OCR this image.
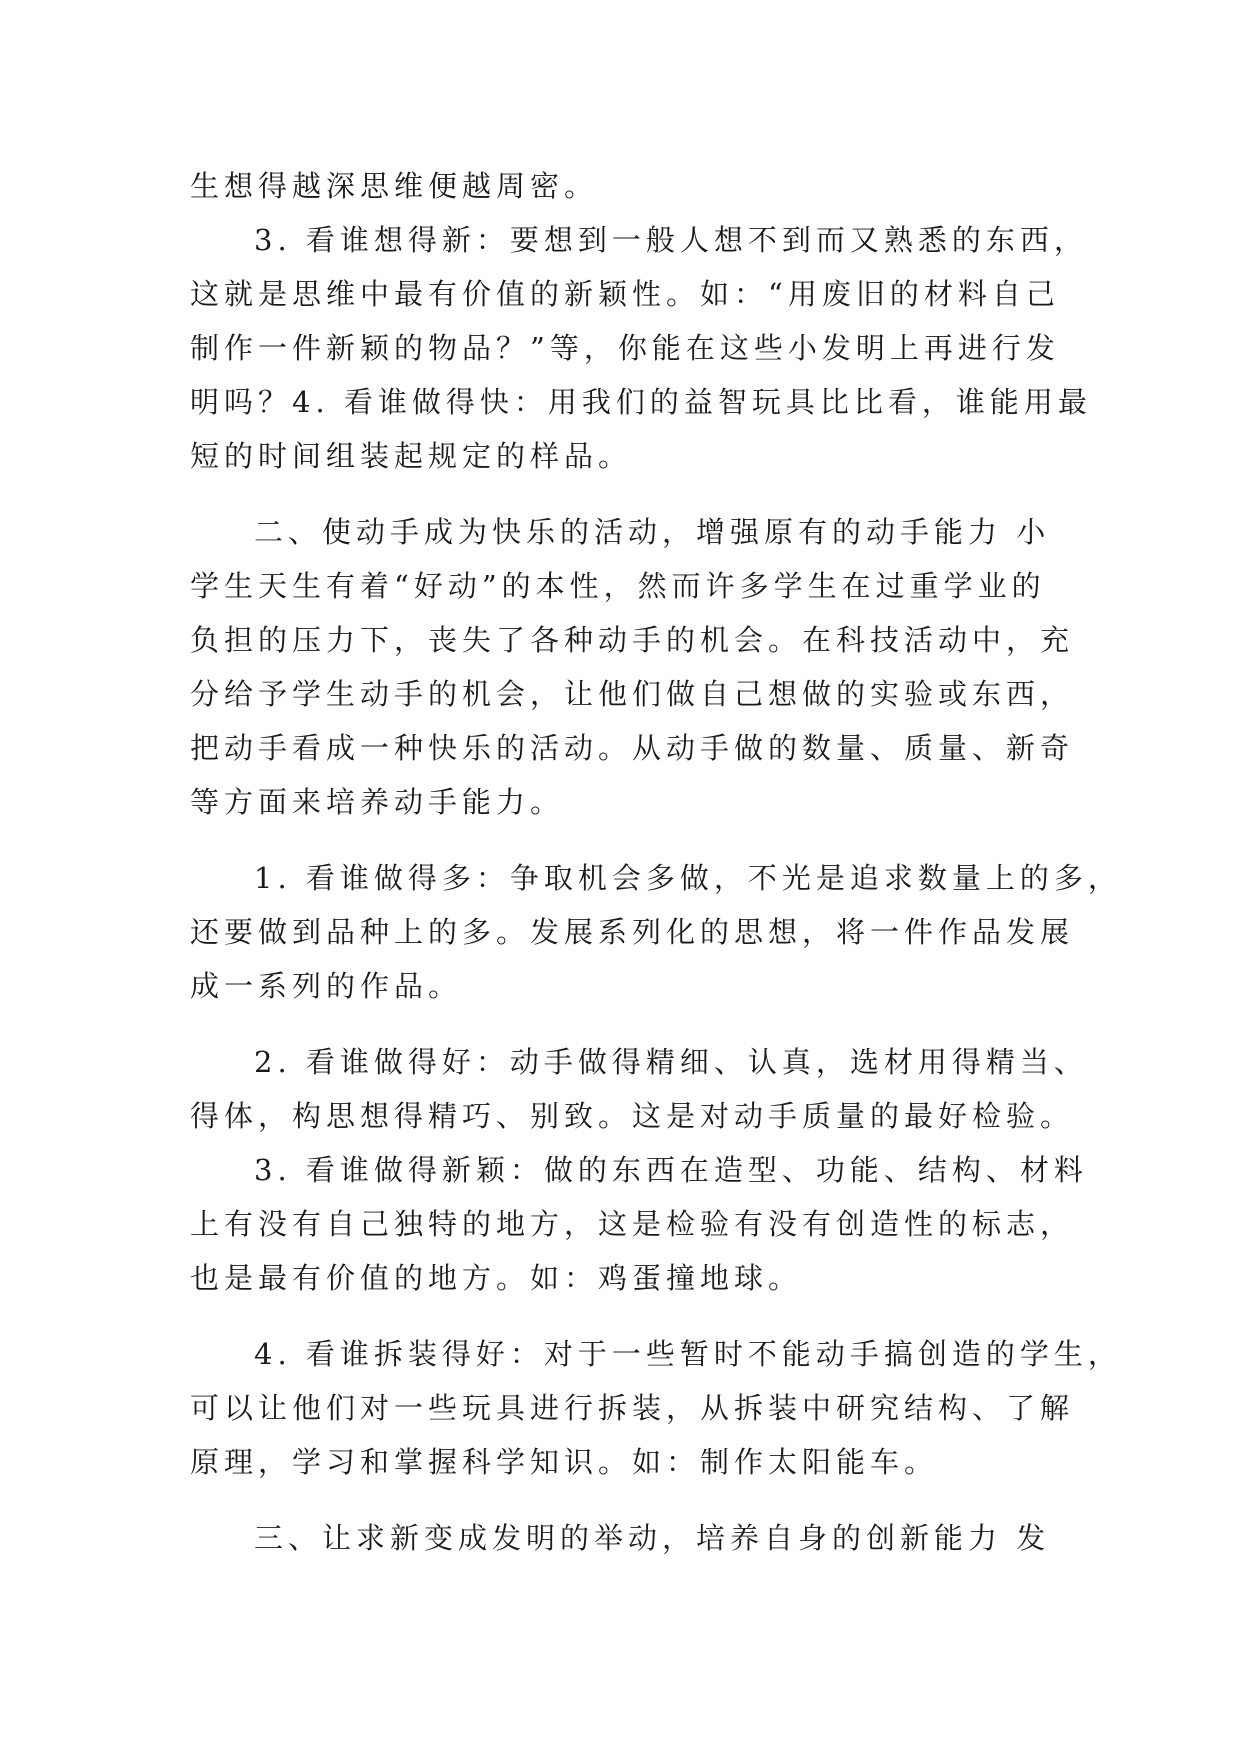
生想得越深思维便越周密。
3. 看谁想得新：要想到一般人想不到而又熟悉的东西，
这就是思维中最有价值的新颖性。如：“用废旧的材料自己
制作一件新颖的物品？”等，你能在这些小发明上再进行发
明吗？4. 看谁做得快：用我们的益智玩具比比看，谁能用最
短的时间组装起规定的样品。
二、使动手成为快乐的活动，增强原有的动手能力 小
学生天生有着“好动”的本性，然而许多学生在过重学业的
负担的压力下，丧失了各种动手的机会。在科技活动中，充
分给予学生动手的机会，让他们做自己想做的实验或东西，
把动手看成一种快乐的活动。从动手做的数量、质量、新奇
等方面来培养动手能力。
1. 看谁做得多：争取机会多做，不光是追求数量上的多，
还要做到品种上的多。发展系列化的思想，将一件作品发展
成一系列的作品。
2. 看谁做得好：动手做得精细、认真，选材用得精当、
得体，构思想得精巧、别致。这是对动手质量的最好检验。
3. 看谁做得新颖：做的东西在造型、功能、结构、材料
上有没有自己独特的地方，这是检验有没有创造性的标志，
也是最有价值的地方。如：鸡蛋撞地球。
4. 看谁拆装得好：对于一些暂时不能动手搞创造的学生，
可以让他们对一些玩具进行拆装，从拆装中研究结构、了解
原理，学习和掌握科学知识。如：制作太阳能车。
三、让求新变成发明的举动，培养自身的创新能力 发
